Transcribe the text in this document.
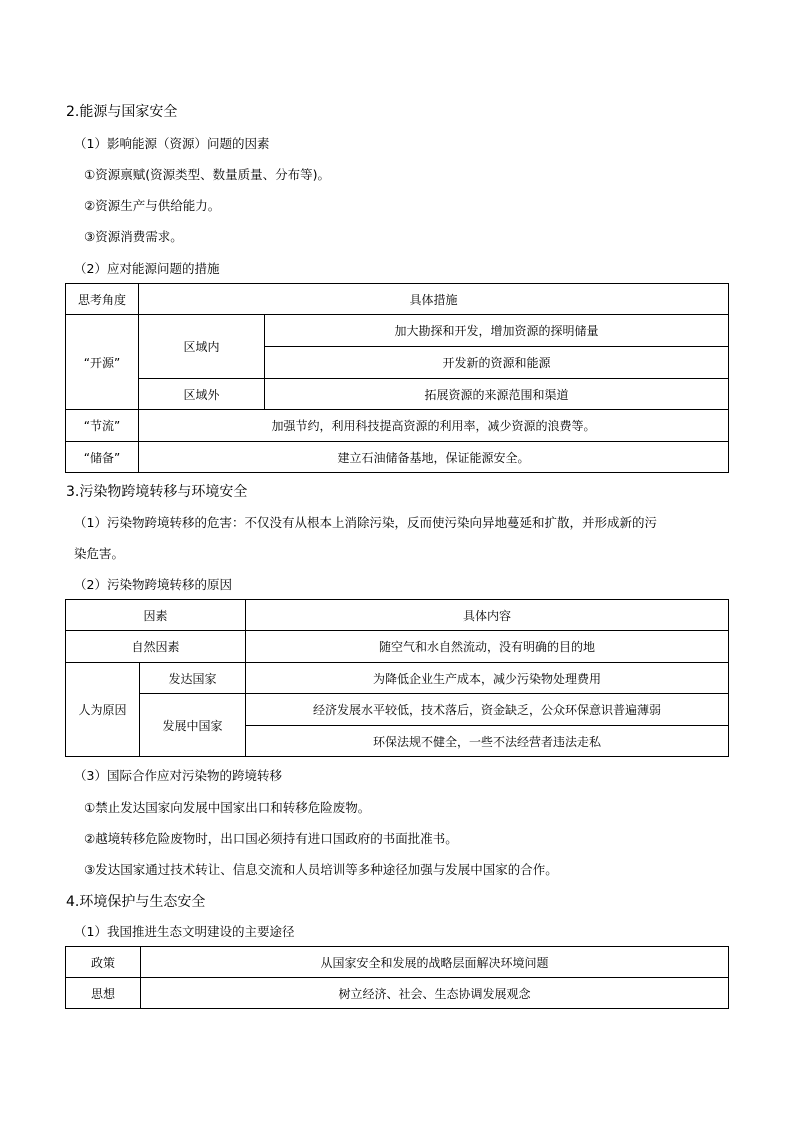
2.能源与国家安全
（1）影响能源（资源）问题的因素
①资源禀赋(资源类型、数量质量、分布等)。
②资源生产与供给能力。
③资源消费需求。
（2）应对能源问题的措施
思考角度	具体措施	
“开源”	区域内	加大勘探和开发，增加资源的探明储量
		开发新的资源和能源
	区域外	拓展资源的来源范围和渠道
“节流”	加强节约，利用科技提高资源的利用率，减少资源的浪费等。	
“储备”	建立石油储备基地，保证能源安全。	
3.污染物跨境转移与环境安全
（1）污染物跨境转移的危害：不仅没有从根本上消除污染，反而使污染向异地蔓延和扩散，并形成新的污
染危害。
（2）污染物跨境转移的原因
因素		具体内容
自然因素		随空气和水自然流动，没有明确的目的地
人为原因	发达国家	为降低企业生产成本，减少污染物处理费用
	发展中国家	经济发展水平较低，技术落后，资金缺乏，公众环保意识普遍薄弱
		环保法规不健全，一些不法经营者违法走私
（3）国际合作应对污染物的跨境转移
①禁止发达国家向发展中国家出口和转移危险废物。
②越境转移危险废物时，出口国必须持有进口国政府的书面批准书。
③发达国家通过技术转让、信息交流和人员培训等多种途径加强与发展中国家的合作。
4.环境保护与生态安全
（1）我国推进生态文明建设的主要途径
政策	从国家安全和发展的战略层面解决环境问题
思想	树立经济、社会、生态协调发展观念
